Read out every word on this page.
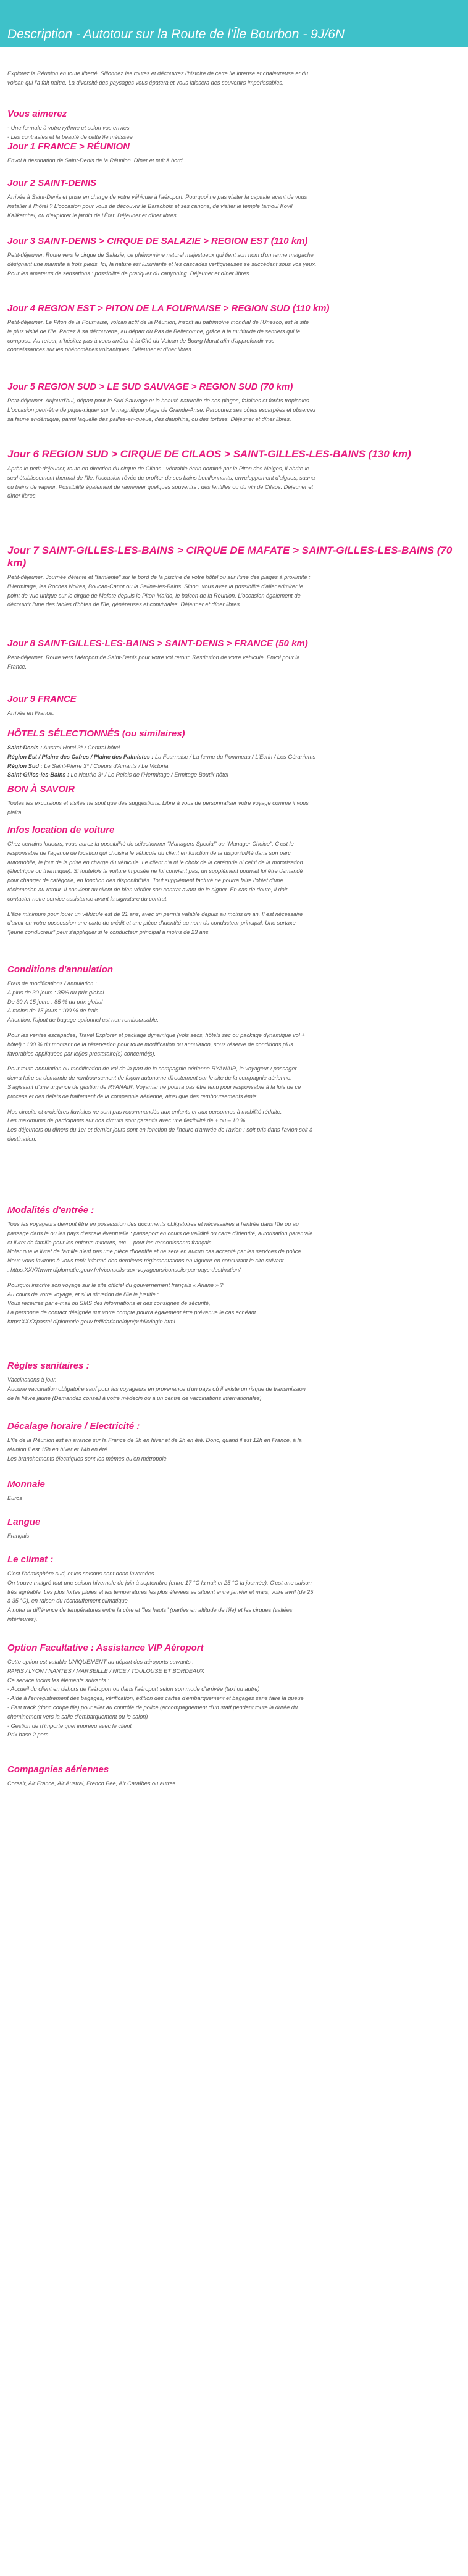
Description - Autotour sur la Route de l'Île Bourbon - 9J/6N
Explorez la Réunion en toute liberté. Sillonnez les routes et découvrez l'histoire de cette île intense et chaleureuse et du
volcan qui l'a fait naître. La diversité des paysages vous épatera et vous laissera des souvenirs impérissables.
Vous aimerez
- Une formule à votre rythme et selon vos envies
- Les contrastes et la beauté de cette île métissée
Jour 1 FRANCE > RÉUNION
Envol à destination de Saint-Denis de la Réunion. Dîner et nuit à bord.
Jour 2 SAINT-DENIS
Arrivée à Saint-Denis et prise en charge de votre véhicule à l'aéroport. Pourquoi ne pas visiter la capitale avant de vous
installer à l'hôtel ? L'occasion pour vous de découvrir le Barachois et ses canons, de visiter le temple tamoul Kovil
Kalikambal, ou d'explorer le jardin de l'État. Déjeuner et dîner libres.
Jour 3 SAINT-DENIS > CIRQUE DE SALAZIE > REGION EST (110 km)
Petit-déjeuner. Route vers le cirque de Salazie, ce phénomène naturel majestueux qui tient son nom d'un terme malgache
désignant une marmite à trois pieds. Ici, la nature est luxuriante et les cascades vertigineuses se succèdent sous vos yeux.
Pour les amateurs de sensations : possibilité de pratiquer du canyoning. Déjeuner et dîner libres.
Jour 4 REGION EST > PITON DE LA FOURNAISE > REGION SUD (110 km)
Petit-déjeuner. Le Piton de la Fournaise, volcan actif de la Réunion, inscrit au patrimoine mondial de l'Unesco, est le site
le plus visité de l'île. Partez à sa découverte, au départ du Pas de Bellecombe, grâce à la multitude de sentiers qui le
compose. Au retour, n'hésitez pas à vous arrêter à la Cité du Volcan de Bourg Murat afin d'approfondir vos
connaissances sur les phénomènes volcaniques. Déjeuner et dîner libres.
Jour 5 REGION SUD > LE SUD SAUVAGE > REGION SUD (70 km)
Petit-déjeuner. Aujourd'hui, départ pour le Sud Sauvage et la beauté naturelle de ses plages, falaises et forêts tropicales.
L'occasion peut-être de pique-niquer sur le magnifique plage de Grande-Anse. Parcourez ses côtes escarpées et observez
sa faune endémique, parmi laquelle des pailles-en-queue, des dauphins, ou des tortues. Déjeuner et dîner libres.
Jour 6 REGION SUD > CIRQUE DE CILAOS > SAINT-GILLES-LES-BAINS (130 km)
Après le petit-déjeuner, route en direction du cirque de Cilaos : véritable écrin dominé par le Piton des Neiges, il abrite le
seul établissement thermal de l'île, l'occasion rêvée de profiter de ses bains bouillonnants, enveloppement d'algues, sauna
ou bains de vapeur. Possibilité également de rameneer quelques souvenirs : des lentilles ou du vin de Cilaos. Déjeuner et
dîner libres.
Jour 7 SAINT-GILLES-LES-BAINS > CIRQUE DE MAFATE > SAINT-GILLES-LES-BAINS (70 km)
Petit-déjeuner. Journée détente et "farniente" sur le bord de la piscine de votre hôtel ou sur l'une des plages à proximité :
l'Hermitage, les Roches Noires, Boucan-Canot ou la Saline-les-Bains. Sinon, vous avez la possibilité d'aller admirer le
point de vue unique sur le cirque de Mafate depuis le Piton Maïdo, le balcon de la Réunion. L'occasion également de
découvrir l'une des tables d'hôtes de l'île, généreuses et conviviales. Déjeuner et dîner libres.
Jour 8 SAINT-GILLES-LES-BAINS > SAINT-DENIS > FRANCE (50 km)
Petit-déjeuner. Route vers l'aéroport de Saint-Denis pour votre vol retour. Restitution de votre véhicule. Envol pour la
France.
Jour 9 FRANCE
Arrivée en France.
HÔTELS SÉLECTIONNÉS (ou similaires)
Saint-Denis : Austral Hotel 3* / Central hôtel
Région Est / Plaine des Cafres / Plaine des Palmistes : La Fournaise / La ferme du Pommeau / L'Ecrin / Les Géraniums
Région Sud : Le Saint-Pierre 3* / Coeurs d'Amants / Le Victoria
Saint-Gilles-les-Bains : Le Nautile 3* / Le Relais de l'Hermitage / Ermitage Boutik hôtel
BON À SAVOIR
Toutes les excursions et visites ne sont que des suggestions. Libre à vous de personnaliser votre voyage comme il vous
plaira.
Infos location de voiture
Chez certains loueurs, vous aurez la possibilité de sélectionner "Managers Special" ou "Manager Choice". C'est le
responsable de l'agence de location qui choisira le véhicule du client en fonction de la disponibilité dans son parc
automobile, le jour de la prise en charge du véhicule. Le client n'a ni le choix de la catégorie ni celui de la motorisation
(électrique ou thermique). Si toutefois la voiture imposée ne lui convient pas, un supplément pourrait lui être demandé
pour changer de catégorie, en fonction des disponibilités. Tout supplément facturé ne pourra faire l'objet d'une
réclamation au retour. Il convient au client de bien vérifier son contrat avant de le signer. En cas de doute, il doit
contacter notre service assistance avant la signature du contrat.
L'âge minimum pour louer un véhicule est de 21 ans, avec un permis valable depuis au moins un an. Il est nécessaire
d'avoir en votre possession une carte de crédit et une pièce d'identité au nom du conducteur principal. Une surtaxe
"jeune conducteur" peut s'appliquer si le conducteur principal a moins de 23 ans.
Conditions d'annulation
Frais de modifications / annulation :
A plus de 30 jours : 35% du prix global
De 30 À 15 jours : 85 % du prix global
A moins de 15 jours : 100 % de frais
Attention, l'ajout de bagage optionnel est non remboursable.
Pour les ventes escapades, Travel Explorer et package dynamique (vols secs, hôtels sec ou package dynamique vol +
hôtel) : 100 % du montant de la réservation pour toute modification ou annulation, sous réserve de conditions plus
favorables appliquées par le(les prestataire(s) concerné(s).
Pour toute annulation ou modification de vol de la part de la compagnie aérienne RYANAIR, le voyageur / passager
devra faire sa demande de remboursement de façon autonome directement sur le site de la compagnie aérienne.
S'agissant d'une urgence de gestion de RYANAIR, Voyamar ne pourra pas être tenu pour responsable à la fois de ce
process et des délais de traitement de la compagnie aérienne, ainsi que des remboursements émis.
Nos circuits et croisières fluviales ne sont pas recommandés aux enfants et aux personnes à mobilité réduite.
Les maximums de participants sur nos circuits sont garantis avec une flexibilité de + ou – 10 %.
Les déjeuners ou dîners du 1er et dernier jours sont en fonction de l'heure d'arrivée de l'avion : soit pris dans l'avion soit à
destination.
Modalités d'entrée :
Tous les voyageurs devront être en possession des documents obligatoires et nécessaires à l'entrée dans l'île ou au
passage dans le ou les pays d'escale éventuelle : passeport en cours de validité ou carte d'identité, autorisation parentale
et livret de famille pour les enfants mineurs, etc….pour les ressortissants français.
Noter que le livret de famille n'est pas une pièce d'identité et ne sera en aucun cas accepté par les services de police.
Nous vous invitons à vous tenir informé des dernières réglementations en vigueur en consultant le site suivant
: https:XXXXwww.diplomatie.gouv.fr/fr/conseils-aux-voyageurs/conseils-par-pays-destination/
Pourquoi inscrire son voyage sur le site officiel du gouvernement français « Ariane » ?
Au cours de votre voyage, et si la situation de l'île le justifie :
Vous recevrez par e-mail ou SMS des informations et des consignes de sécurité,
La personne de contact désignée sur votre compte pourra également être prévenue le cas échéant.
https:XXXXpastel.diplomatie.gouv.fr/fildariane/dyn/public/login.html
Règles sanitaires :
Vaccinations à jour.
Aucune vaccination obligatoire sauf pour les voyageurs en provenance d'un pays où il existe un risque de transmission
de la fièvre jaune (Demandez conseil à votre médecin ou à un centre de vaccinations internationales).
Décalage horaire / Electricité :
L'île de la Réunion est en avance sur la France de 3h en hiver et de 2h en été. Donc, quand il est 12h en France, à la
réunion il est 15h en hiver et 14h en été.
Les branchements électriques sont les mêmes qu'en métropole.
Monnaie
Euros
Langue
Français
Le climat :
C'est l'hémisphère sud, et les saisons sont donc inversées.
On trouve malgré tout une saison hivernale de juin à septembre (entre 17 °C la nuit et 25 °C la journée). C'est une saison
très agréable. Les plus fortes pluies et les températures les plus élevées se situent entre janvier et mars, voire avril (de 25
à 35 °C), en raison du réchauffement climatique.
A noter la différence de températures entre la côte et "les hauts" (parties en altitude de l'île) et les cirques (vallées
intérieures).
Option Facultative : Assistance VIP Aéroport
Cette option est valable UNIQUEMENT au départ des aéroports suivants :
PARIS / LYON / NANTES / MARSEILLE / NICE / TOULOUSE ET BORDEAUX
Ce service inclus les éléments suivants :
- Accueil du client en dehors de l'aéroport ou dans l'aéroport selon son mode d'arrivée (taxi ou autre)
- Aide à l'enregistrement des bagages, vérification, édition des cartes d'embarquement et bagages sans faire la queue
- Fast track (donc coupe file) pour aller au contrôle de police (accompagnement d'un staff pendant toute la durée du
cheminement vers la salle d'embarquement ou le salon)
- Gestion de n'importe quel imprévu avec le client
Prix base 2 pers
Compagnies aériennes
Corsair, Air France, Air Austral, French Bee, Air Caraïbes ou autres...
